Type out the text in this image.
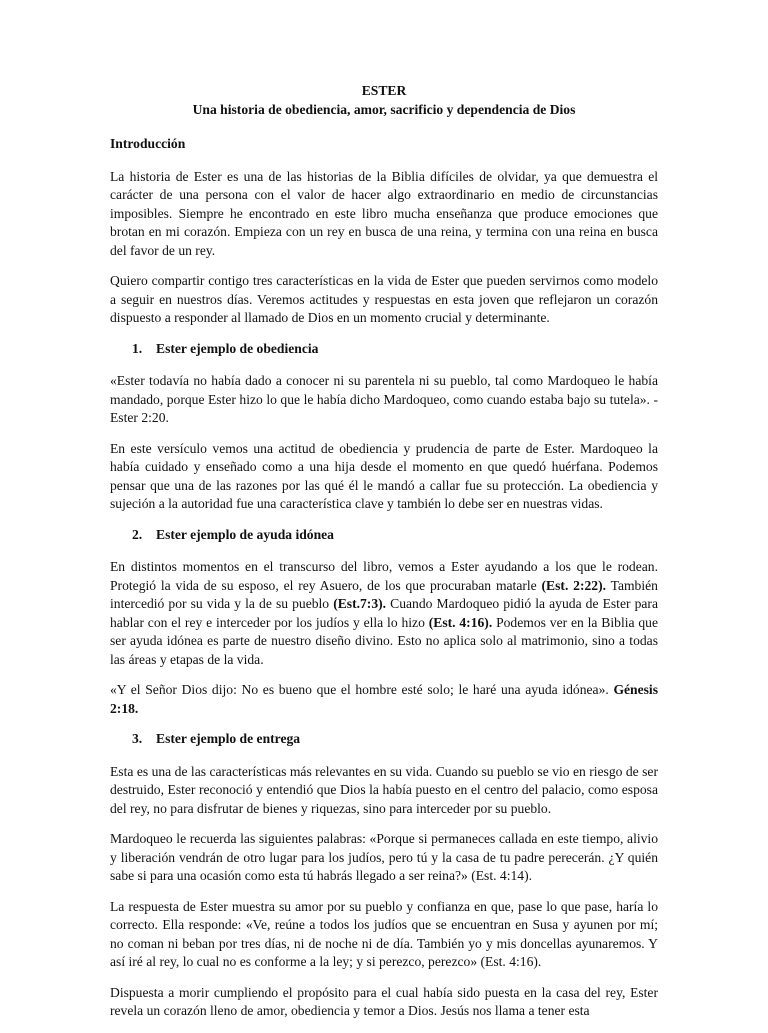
ESTER
Una historia de obediencia, amor, sacrificio y dependencia de Dios
Introducción

La historia de Ester es una de las historias de la Biblia difíciles de olvidar, ya que demuestra el carácter de una persona con el valor de hacer algo extraordinario en medio de circunstancias imposibles. Siempre he encontrado en este libro mucha enseñanza que produce emociones que brotan en mi corazón. Empieza con un rey en busca de una reina, y termina con una reina en busca del favor de un rey.

Quiero compartir contigo tres características en la vida de Ester que pueden servirnos como modelo a seguir en nuestros días. Veremos actitudes y respuestas en esta joven que reflejaron un corazón dispuesto a responder al llamado de Dios en un momento crucial y determinante.

1.	Ester ejemplo de obediencia

«Ester todavía no había dado a conocer ni su parentela ni su pueblo, tal como Mardoqueo le había mandado, porque Ester hizo lo que le había dicho Mardoqueo, como cuando estaba bajo su tutela». -Ester 2:20.

En este versículo vemos una actitud de obediencia y prudencia de parte de Ester. Mardoqueo la había cuidado y enseñado como a una hija desde el momento en que quedó huérfana. Podemos pensar que una de las razones por las qué él le mandó a callar fue su protección. La obediencia y sujeción a la autoridad fue una característica clave y también lo debe ser en nuestras vidas.

2.	Ester ejemplo de ayuda idónea

En distintos momentos en el transcurso del libro, vemos a Ester ayudando a los que le rodean. Protegió la vida de su esposo, el rey Asuero, de los que procuraban matarle (Est. 2:22). También intercedió por su vida y la de su pueblo (Est.7:3). Cuando Mardoqueo pidió la ayuda de Ester para hablar con el rey e interceder por los judíos y ella lo hizo (Est. 4:16). Podemos ver en la Biblia que ser ayuda idónea es parte de nuestro diseño divino. Esto no aplica solo al matrimonio, sino a todas las áreas y etapas de la vida.

«Y el Señor Dios dijo: No es bueno que el hombre esté solo; le haré una ayuda idónea». Génesis 2:18.

3.	Ester ejemplo de entrega

Esta es una de las características más relevantes en su vida. Cuando su pueblo se vio en riesgo de ser destruido, Ester reconoció y entendió que Dios la había puesto en el centro del palacio, como esposa del rey, no para disfrutar de bienes y riquezas, sino para interceder por su pueblo.

Mardoqueo le recuerda las siguientes palabras: «Porque si permaneces callada en este tiempo, alivio y liberación vendrán de otro lugar para los judíos, pero tú y la casa de tu padre perecerán. ¿Y quién sabe si para una ocasión como esta tú habrás llegado a ser reina?» (Est. 4:14).

La respuesta de Ester muestra su amor por su pueblo y confianza en que, pase lo que pase, haría lo correcto. Ella responde: «Ve, reúne a todos los judíos que se encuentran en Susa y ayunen por mí; no coman ni beban por tres días, ni de noche ni de día. También yo y mis doncellas ayunaremos. Y así iré al rey, lo cual no es conforme a la ley; y si perezco, perezco» (Est. 4:16).

Dispuesta a morir cumpliendo el propósito para el cual había sido puesta en la casa del rey, Ester revela un corazón lleno de amor, obediencia y temor a Dios. Jesús nos llama a tener esta
